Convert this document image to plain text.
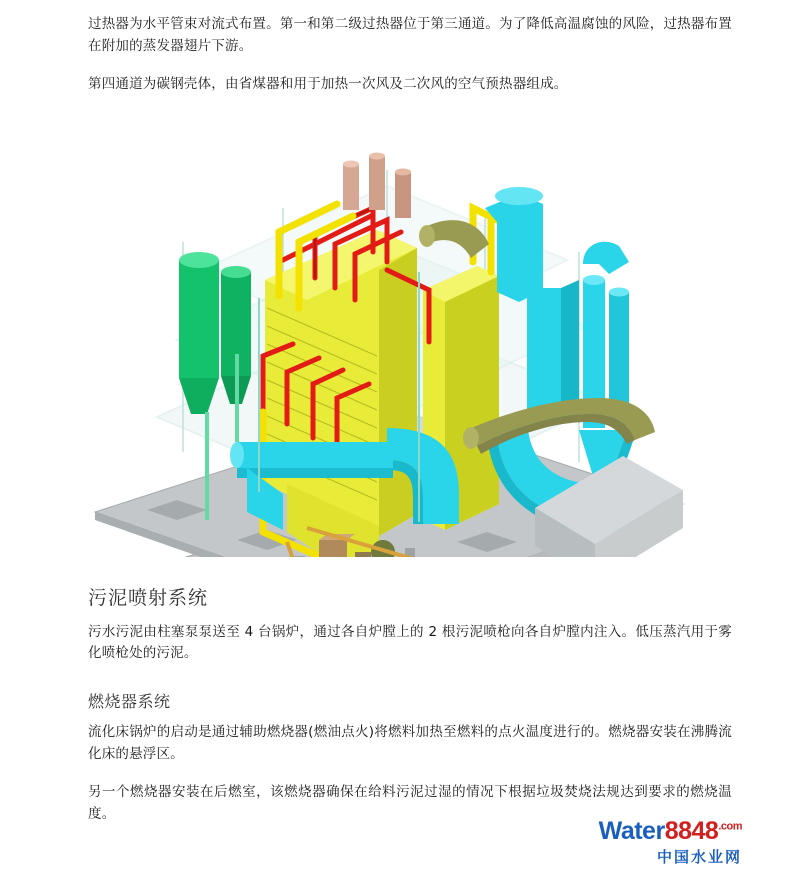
过热器为水平管束对流式布置。第一和第二级过热器位于第三通道。为了降低高温腐蚀的风险，过热器布置在附加的蒸发器翅片下游。

第四通道为碳钢壳体，由省煤器和用于加热一次风及二次风的空气预热器组成。

污泥喷射系统

污水污泥由柱塞泵泵送至 4 台锅炉，通过各自炉膛上的 2 根污泥喷枪向各自炉膛内注入。低压蒸汽用于雾化喷枪处的污泥。

燃烧器系统

流化床锅炉的启动是通过辅助燃烧器(燃油点火)将燃料加热至燃料的点火温度进行的。燃烧器安装在沸腾流化床的悬浮区。

另一个燃烧器安装在后燃室，该燃烧器确保在给料污泥过湿的情况下根据垃圾焚烧法规达到要求的燃烧温度。

$Water8848^{.com}$
中国水业网
